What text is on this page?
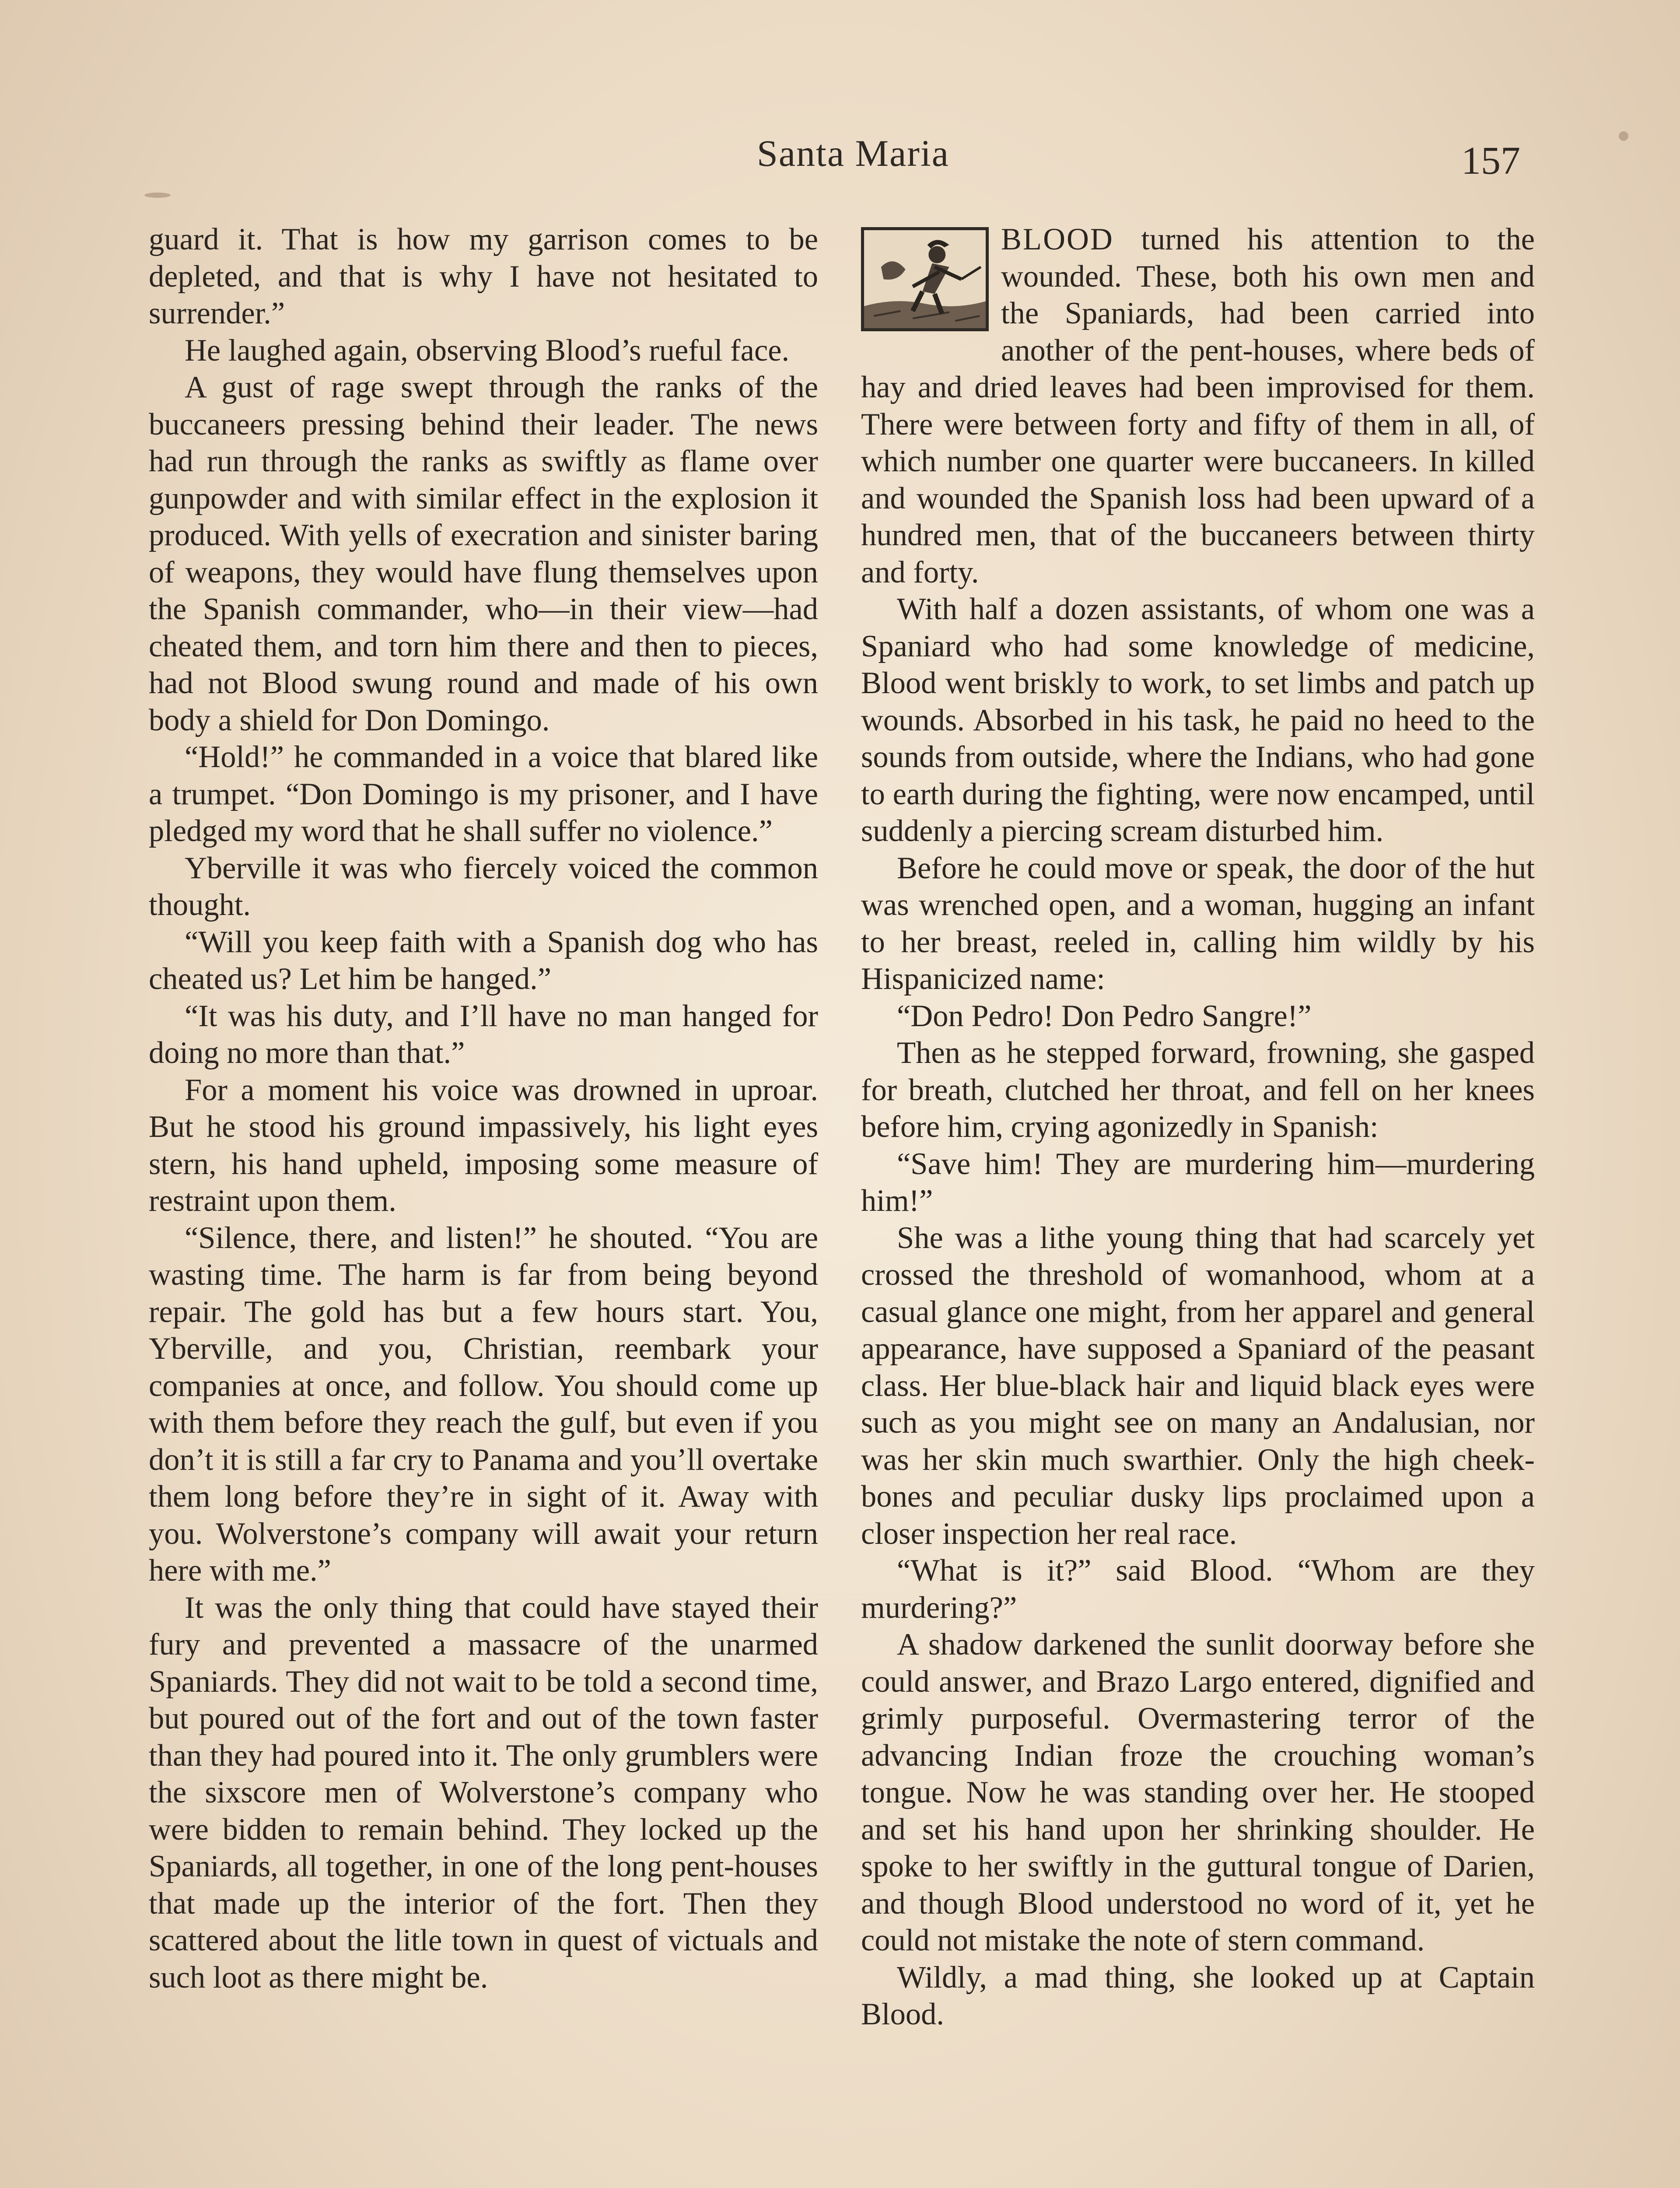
Santa Maria	157

guard it. That is how my garrison comes to be depleted, and that is why I have not hesitated to surrender.”

He laughed again, observing Blood’s rueful face.

A gust of rage swept through the ranks of the buccaneers pressing behind their leader. The news had run through the ranks as swiftly as flame over gunpowder and with similar effect in the explosion it produced. With yells of execration and sinister baring of weapons, they would have flung themselves upon the Spanish commander, who—in their view—had cheated them, and torn him there and then to pieces, had not Blood swung round and made of his own body a shield for Don Domingo.

“Hold!” he commanded in a voice that blared like a trumpet. “Don Domingo is my prisoner, and I have pledged my word that he shall suffer no violence.”

Yberville it was who fiercely voiced the common thought.

“Will you keep faith with a Spanish dog who has cheated us? Let him be hanged.”

“It was his duty, and I’ll have no man hanged for doing no more than that.”

For a moment his voice was drowned in uproar. But he stood his ground impassively, his light eyes stern, his hand upheld, imposing some measure of restraint upon them.

“Silence, there, and listen!” he shouted. “You are wasting time. The harm is far from being beyond repair. The gold has but a few hours start. You, Yberville, and you, Christian, reembark your companies at once, and follow. You should come up with them before they reach the gulf, but even if you don’t it is still a far cry to Panama and you’ll overtake them long before they’re in sight of it. Away with you. Wolverstone’s company will await your return here with me.”

It was the only thing that could have stayed their fury and prevented a massacre of the unarmed Spaniards. They did not wait to be told a second time, but poured out of the fort and out of the town faster than they had poured into it. The only grumblers were the sixscore men of Wolverstone’s company who were bidden to remain behind. They locked up the Spaniards, all together, in one of the long pent-houses that made up the interior of the fort. Then they scattered about the litle town in quest of victuals and such loot as there might be.

BLOOD turned his attention to the wounded. These, both his own men and the Spaniards, had been carried into another of the pent-houses, where beds of hay and dried leaves had been improvised for them. There were between forty and fifty of them in all, of which number one quarter were buccaneers. In killed and wounded the Spanish loss had been upward of a hundred men, that of the buccaneers between thirty and forty.

With half a dozen assistants, of whom one was a Spaniard who had some knowledge of medicine, Blood went briskly to work, to set limbs and patch up wounds. Absorbed in his task, he paid no heed to the sounds from outside, where the Indians, who had gone to earth during the fighting, were now encamped, until suddenly a piercing scream disturbed him.

Before he could move or speak, the door of the hut was wrenched open, and a woman, hugging an infant to her breast, reeled in, calling him wildly by his Hispanicized name:

“Don Pedro! Don Pedro Sangre!”

Then as he stepped forward, frowning, she gasped for breath, clutched her throat, and fell on her knees before him, crying agonizedly in Spanish:

“Save him! They are murdering him—murdering him!”

She was a lithe young thing that had scarcely yet crossed the threshold of womanhood, whom at a casual glance one might, from her apparel and general appearance, have supposed a Spaniard of the peasant class. Her blue-black hair and liquid black eyes were such as you might see on many an Andalusian, nor was her skin much swarthier. Only the high cheek-bones and peculiar dusky lips proclaimed upon a closer inspection her real race.

“What is it?” said Blood. “Whom are they murdering?”

A shadow darkened the sunlit doorway before she could answer, and Brazo Largo entered, dignified and grimly purposeful. Overmastering terror of the advancing Indian froze the crouching woman’s tongue. Now he was standing over her. He stooped and set his hand upon her shrinking shoulder. He spoke to her swiftly in the guttural tongue of Darien, and though Blood understood no word of it, yet he could not mistake the note of stern command.

Wildly, a mad thing, she looked up at Captain Blood.
